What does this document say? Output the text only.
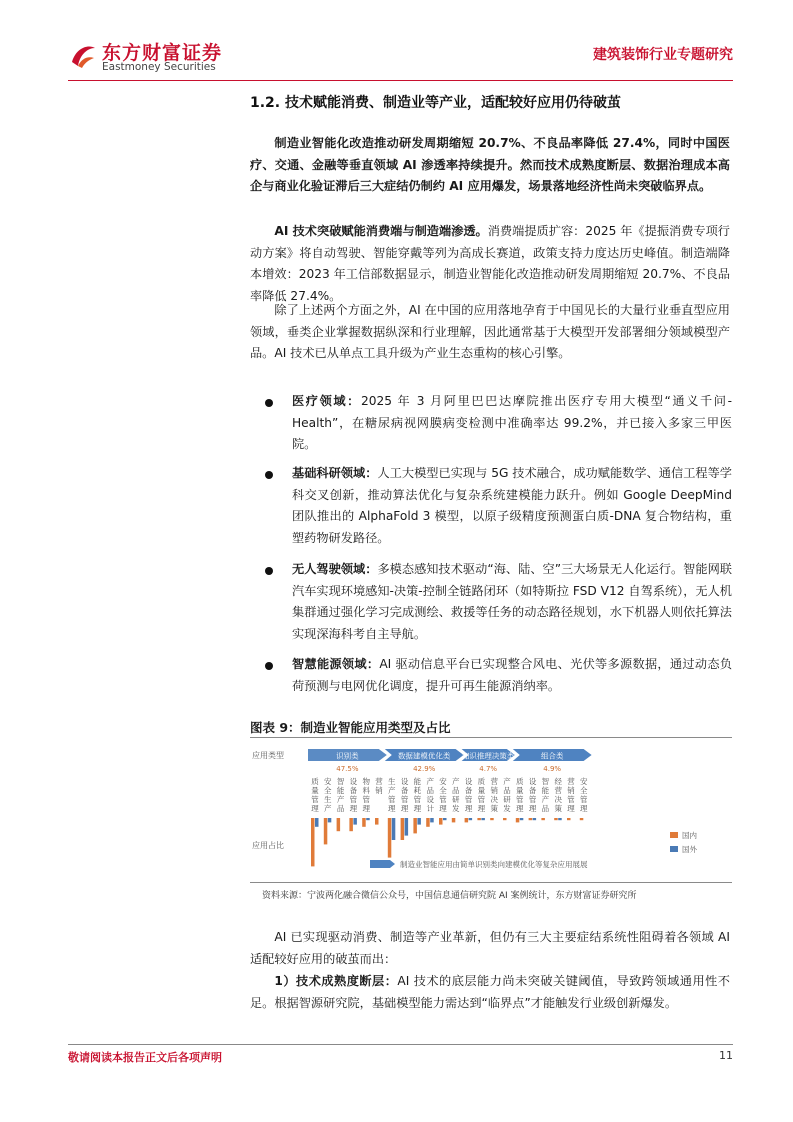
东方财富证券
Eastmoney Securities
建筑装饰行业专题研究
1.2. 技术赋能消费、制造业等产业，适配较好应用仍待破茧

制造业智能化改造推动研发周期缩短 20.7%、不良品率降低 27.4%，同时中国医疗、交通、金融等垂直领域 AI 渗透率持续提升。然而技术成熟度断层、数据治理成本高企与商业化验证滞后三大症结仍制约 AI 应用爆发，场景落地经济性尚未突破临界点。

AI 技术突破赋能消费端与制造端渗透。消费端提质扩容：2025 年《提振消费专项行动方案》将自动驾驶、智能穿戴等列为高成长赛道，政策支持力度达历史峰值。制造端降本增效：2023 年工信部数据显示，制造业智能化改造推动研发周期缩短 20.7%、不良品率降低 27.4%。

除了上述两个方面之外，AI 在中国的应用落地孕育于中国见长的大量行业垂直型应用领域，垂类企业掌握数据纵深和行业理解，因此通常基于大模型开发部署细分领域模型产品。AI 技术已从单点工具升级为产业生态重构的核心引擎。

医疗领域：2025 年 3 月阿里巴巴达摩院推出医疗专用大模型“通义千问-Health”，在糖尿病视网膜病变检测中准确率达 99.2%，并已接入多家三甲医院。
基础科研领域：人工大模型已实现与 5G 技术融合，成功赋能数学、通信工程等学科交叉创新，推动算法优化与复杂系统建模能力跃升。例如 Google DeepMind 团队推出的 AlphaFold 3 模型，以原子级精度预测蛋白质-DNA 复合物结构，重塑药物研发路径。
无人驾驶领域：多模态感知技术驱动“海、陆、空”三大场景无人化运行。智能网联汽车实现环境感知-决策-控制全链路闭环（如特斯拉 FSD V12 自驾系统），无人机集群通过强化学习完成测绘、救援等任务的动态路径规划，水下机器人则依托算法实现深海科考自主导航。
智慧能源领域：AI 驱动信息平台已实现整合风电、光伏等多源数据，通过动态负荷预测与电网优化调度，提升可再生能源消纳率。
图表 9：制造业智能应用类型及占比
应用类型
应用占比
识别类
47.5%
质
量
管
理
安
全
生
产
智
能
产
品
设
备
管
理
物
料
管
理
营
销
数据建模优化类
42.9%
生
产
管
理
设
备
管
理
能
耗
管
理
产
品
设
计
安
全
管
理
产
品
研
发
知识推理决策类
4.7%
设
备
管
理
质
量
管
理
营
销
决
策
产
品
研
发
组合类
4.9%
质
量
管
理
设
备
管
理
智
能
产
品
经
营
决
策
营
销
管
理
安
全
管
理
国内
国外
制造业智能应用由简单识别类向建模优化等复杂应用展展
资料来源：宁波两化融合微信公众号，中国信息通信研究院 AI 案例统计，东方财富证券研究所

AI 已实现驱动消费、制造等产业革新，但仍有三大主要症结系统性阻碍着各领域 AI 适配较好应用的破茧而出：

1）技术成熟度断层：AI 技术的底层能力尚未突破关键阈值，导致跨领域通用性不足。根据智源研究院，基础模型能力需达到“临界点”才能触发行业级创新爆发。

敬请阅读本报告正文后各项声明	11
